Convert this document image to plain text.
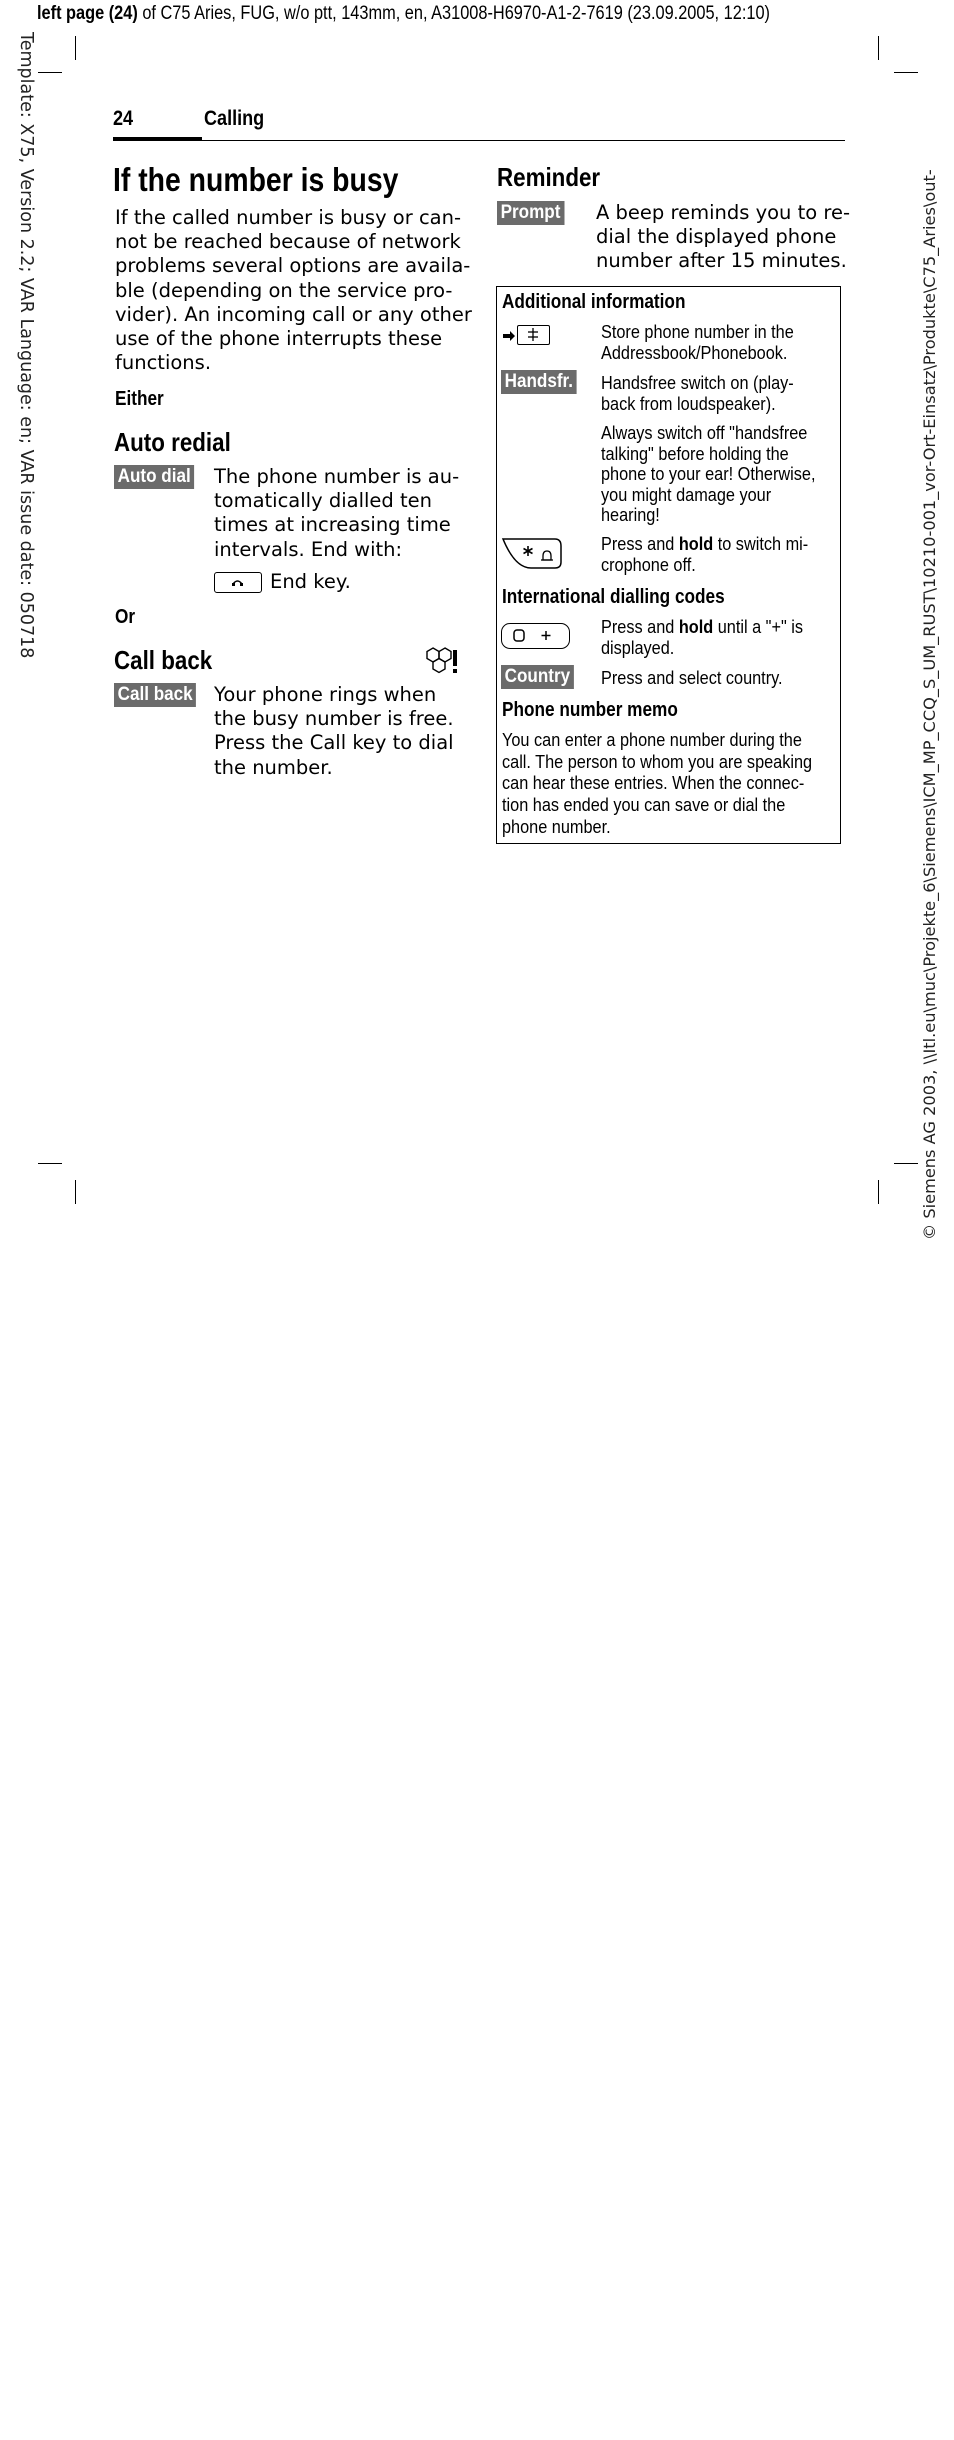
left page (24) of C75 Aries, FUG, w/o ptt, 143mm, en, A31008-H6970-A1-2-7619 (23.09.2005, 12:10)
Template: X75, Version 2.2; VAR Language: en; VAR issue date: 050718	© Siemens AG 2003, \\Itl.eu\muc\Projekte_6\Siemens\ICM_MP_CCQ_S_UM_RUST\10210-001_vor-Ort-Einsatz\Produkte\C75_Aries\out-
24	Calling
If the number is busy
If the called number is busy or can-
not be reached because of network
problems several options are availa-
ble (depending on the service pro-
vider). An incoming call or any other
use of the phone interrupts these
functions.
Either
Auto redial
Auto dial The phone number is au-
tomatically dialled ten
times at increasing time
intervals. End with:
End key.
Or
Call back
Call back Your phone rings when
the busy number is free.
Press the Call key to dial
the number.
Reminder
Prompt A beep reminds you to re-
dial the displayed phone
number after 15 minutes.
Additional information
Store phone number in the
Addressbook/Phonebook.
Handsfr. Handsfree switch on (play-
back from loudspeaker).
Always switch off "handsfree
talking" before holding the
phone to your ear! Otherwise,
you might damage your
hearing!
Press and hold to switch mi-
crophone off.
International dialling codes
Press and hold until a "+" is
displayed.
Country Press and select country.
Phone number memo
You can enter a phone number during the
call. The person to whom you are speaking
can hear these entries. When the connec-
tion has ended you can save or dial the
phone number.
